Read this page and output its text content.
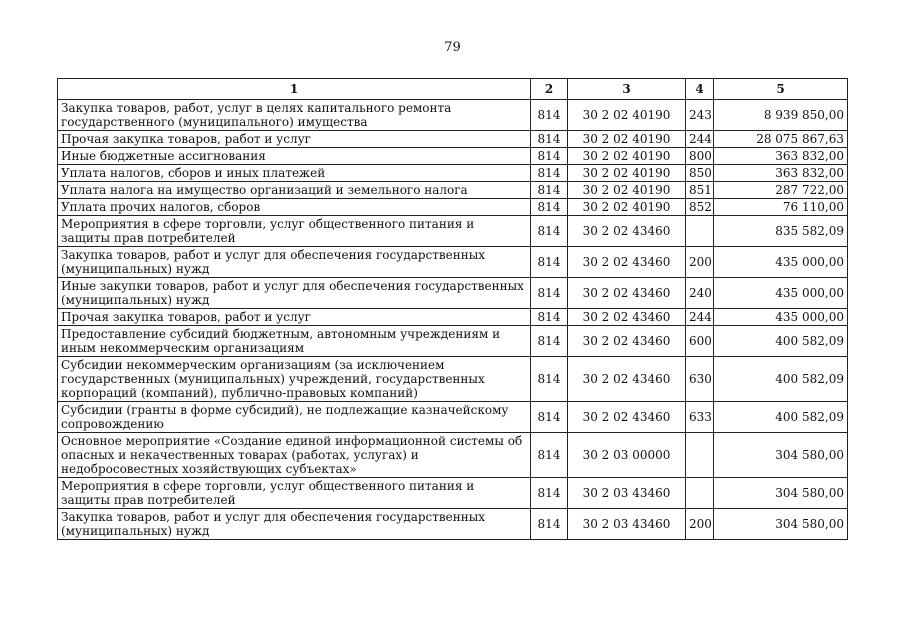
79
1	2	3	4	5
Закупка товаров, работ, услуг в целях капитального ремонта государственного (муниципального) имущества	814	30 2 02 40190	243	8 939 850,00
Прочая закупка товаров, работ и услуг	814	30 2 02 40190	244	28 075 867,63
Иные бюджетные ассигнования	814	30 2 02 40190	800	363 832,00
Уплата налогов, сборов и иных платежей	814	30 2 02 40190	850	363 832,00
Уплата налога на имущество организаций и земельного налога	814	30 2 02 40190	851	287 722,00
Уплата прочих налогов, сборов	814	30 2 02 40190	852	76 110,00
Мероприятия в сфере торговли, услуг общественного питания и защиты прав потребителей	814	30 2 02 43460		835 582,09
Закупка товаров, работ и услуг для обеспечения государственных (муниципальных) нужд	814	30 2 02 43460	200	435 000,00
Иные закупки товаров, работ и услуг для обеспечения государственных (муниципальных) нужд	814	30 2 02 43460	240	435 000,00
Прочая закупка товаров, работ и услуг	814	30 2 02 43460	244	435 000,00
Предоставление субсидий бюджетным, автономным учреждениям и иным некоммерческим организациям	814	30 2 02 43460	600	400 582,09
Субсидии некоммерческим организациям (за исключением государственных (муниципальных) учреждений, государственных корпораций (компаний), публично-правовых компаний)	814	30 2 02 43460	630	400 582,09
Субсидии (гранты в форме субсидий), не подлежащие казначейскому сопровождению	814	30 2 02 43460	633	400 582,09
Основное мероприятие «Создание единой информационной системы об опасных и некачественных товарах (работах, услугах) и недобросовестных хозяйствующих субъектах»	814	30 2 03 00000		304 580,00
Мероприятия в сфере торговли, услуг общественного питания и защиты прав потребителей	814	30 2 03 43460		304 580,00
Закупка товаров, работ и услуг для обеспечения государственных (муниципальных) нужд	814	30 2 03 43460	200	304 580,00
